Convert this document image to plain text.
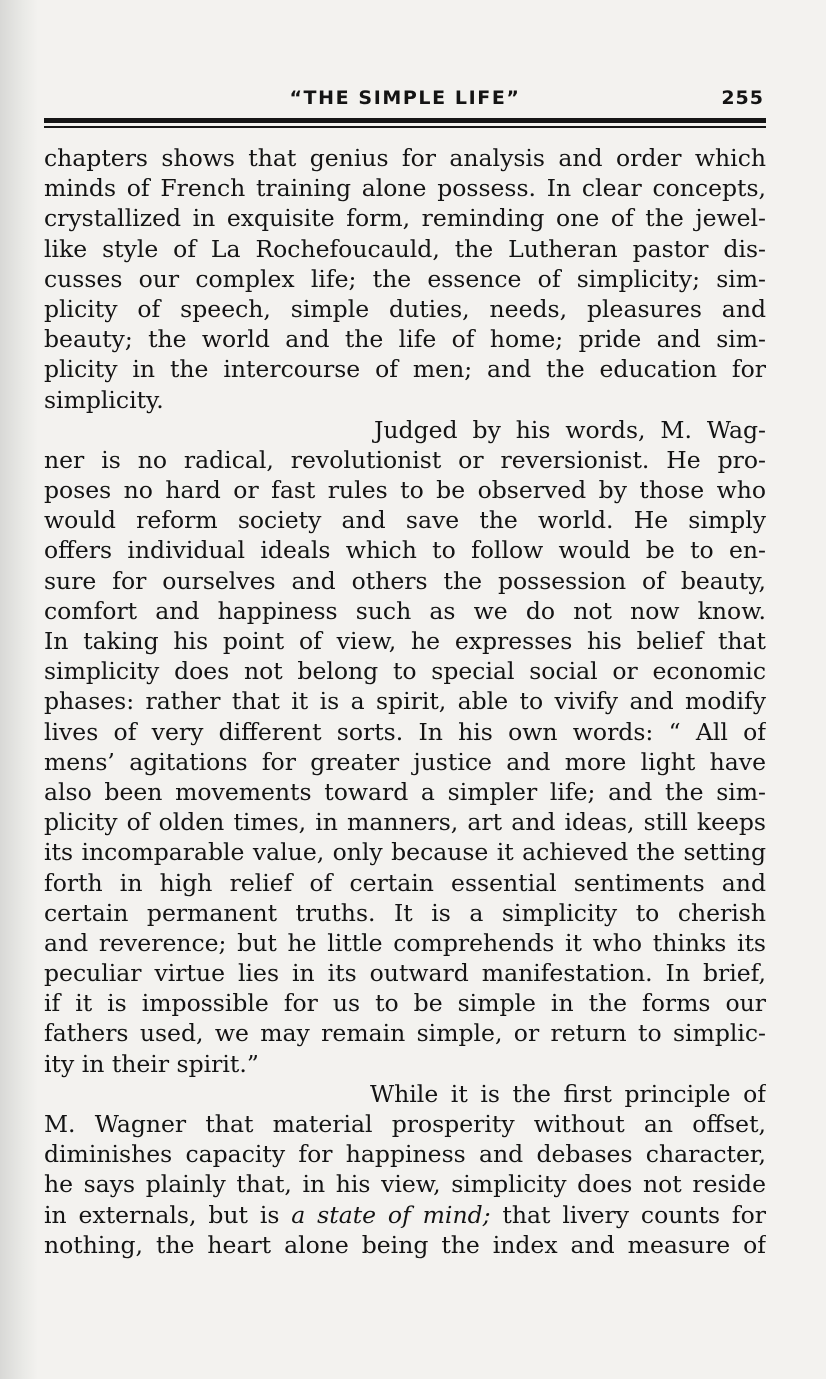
“THE SIMPLE LIFE”	255
chapters shows that genius for analysis and order which
minds of French training alone possess. In clear concepts,
crystallized in exquisite form, reminding one of the jewel-
like style of La Rochefoucauld, the Lutheran pastor dis-
cusses our complex life; the essence of simplicity; sim-
plicity of speech, simple duties, needs, pleasures and
beauty; the world and the life of home; pride and sim-
plicity in the intercourse of men; and the education for
simplicity.
Judged by his words, M. Wag-
ner is no radical, revolutionist or reversionist. He pro-
poses no hard or fast rules to be observed by those who
would reform society and save the world. He simply
offers individual ideals which to follow would be to en-
sure for ourselves and others the possession of beauty,
comfort and happiness such as we do not now know.
In taking his point of view, he expresses his belief that
simplicity does not belong to special social or economic
phases: rather that it is a spirit, able to vivify and modify
lives of very different sorts. In his own words: “ All of
mens’ agitations for greater justice and more light have
also been movements toward a simpler life; and the sim-
plicity of olden times, in manners, art and ideas, still keeps
its incomparable value, only because it achieved the setting
forth in high relief of certain essential sentiments and
certain permanent truths. It is a simplicity to cherish
and reverence; but he little comprehends it who thinks its
peculiar virtue lies in its outward manifestation. In brief,
if it is impossible for us to be simple in the forms our
fathers used, we may remain simple, or return to simplic-
ity in their spirit.”
While it is the first principle of
M. Wagner that material prosperity without an offset,
diminishes capacity for happiness and debases character,
he says plainly that, in his view, simplicity does not reside
in externals, but is a state of mind; that livery counts for
nothing, the heart alone being the index and measure of
